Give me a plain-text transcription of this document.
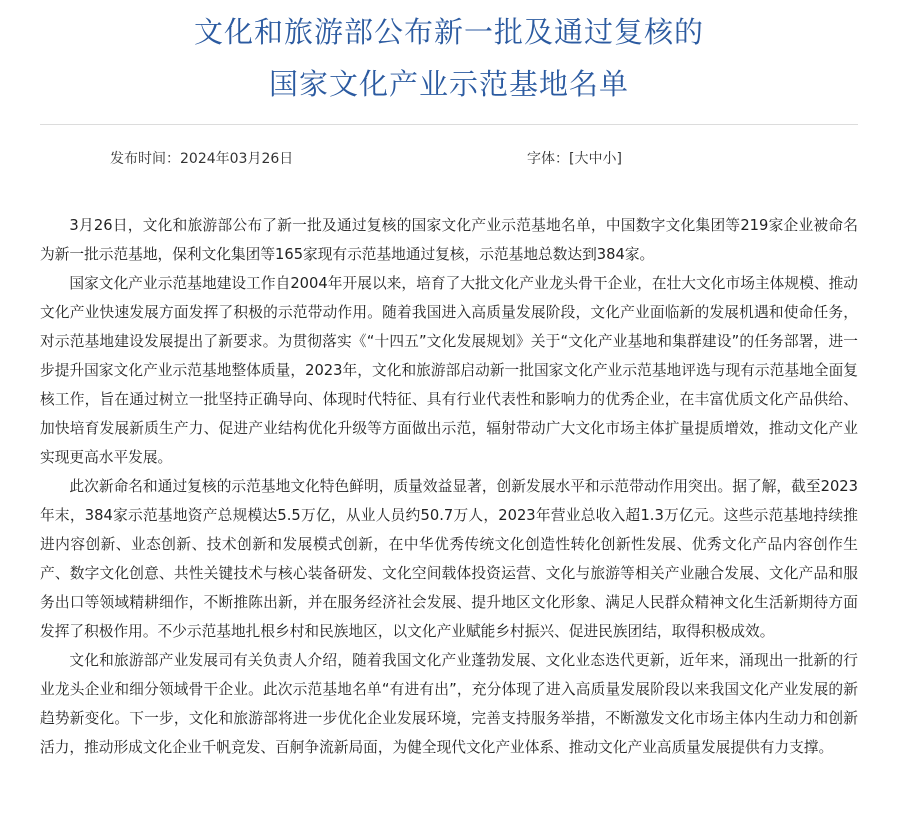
文化和旅游部公布新一批及通过复核的
国家文化产业示范基地名单
发布时间：2024年03月26日	字体：[大中小]

3月26日，文化和旅游部公布了新一批及通过复核的国家文化产业示范基地名单，中国数字文化集团等219家企业被命名为新一批示范基地，保利文化集团等165家现有示范基地通过复核，示范基地总数达到384家。

国家文化产业示范基地建设工作自2004年开展以来，培育了大批文化产业龙头骨干企业，在壮大文化市场主体规模、推动文化产业快速发展方面发挥了积极的示范带动作用。随着我国进入高质量发展阶段，文化产业面临新的发展机遇和使命任务，对示范基地建设发展提出了新要求。为贯彻落实《“十四五”文化发展规划》关于“文化产业基地和集群建设”的任务部署，进一步提升国家文化产业示范基地整体质量，2023年，文化和旅游部启动新一批国家文化产业示范基地评选与现有示范基地全面复核工作，旨在通过树立一批坚持正确导向、体现时代特征、具有行业代表性和影响力的优秀企业，在丰富优质文化产品供给、加快培育发展新质生产力、促进产业结构优化升级等方面做出示范，辐射带动广大文化市场主体扩量提质增效，推动文化产业实现更高水平发展。

此次新命名和通过复核的示范基地文化特色鲜明，质量效益显著，创新发展水平和示范带动作用突出。据了解，截至2023年末，384家示范基地资产总规模达5.5万亿，从业人员约50.7万人，2023年营业总收入超1.3万亿元。这些示范基地持续推进内容创新、业态创新、技术创新和发展模式创新，在中华优秀传统文化创造性转化创新性发展、优秀文化产品内容创作生产、数字文化创意、共性关键技术与核心装备研发、文化空间载体投资运营、文化与旅游等相关产业融合发展、文化产品和服务出口等领域精耕细作，不断推陈出新，并在服务经济社会发展、提升地区文化形象、满足人民群众精神文化生活新期待方面发挥了积极作用。不少示范基地扎根乡村和民族地区，以文化产业赋能乡村振兴、促进民族团结，取得积极成效。

文化和旅游部产业发展司有关负责人介绍，随着我国文化产业蓬勃发展、文化业态迭代更新，近年来，涌现出一批新的行业龙头企业和细分领域骨干企业。此次示范基地名单“有进有出”，充分体现了进入高质量发展阶段以来我国文化产业发展的新趋势新变化。下一步，文化和旅游部将进一步优化企业发展环境，完善支持服务举措，不断激发文化市场主体内生动力和创新活力，推动形成文化企业千帆竞发、百舸争流新局面，为健全现代文化产业体系、推动文化产业高质量发展提供有力支撑。
